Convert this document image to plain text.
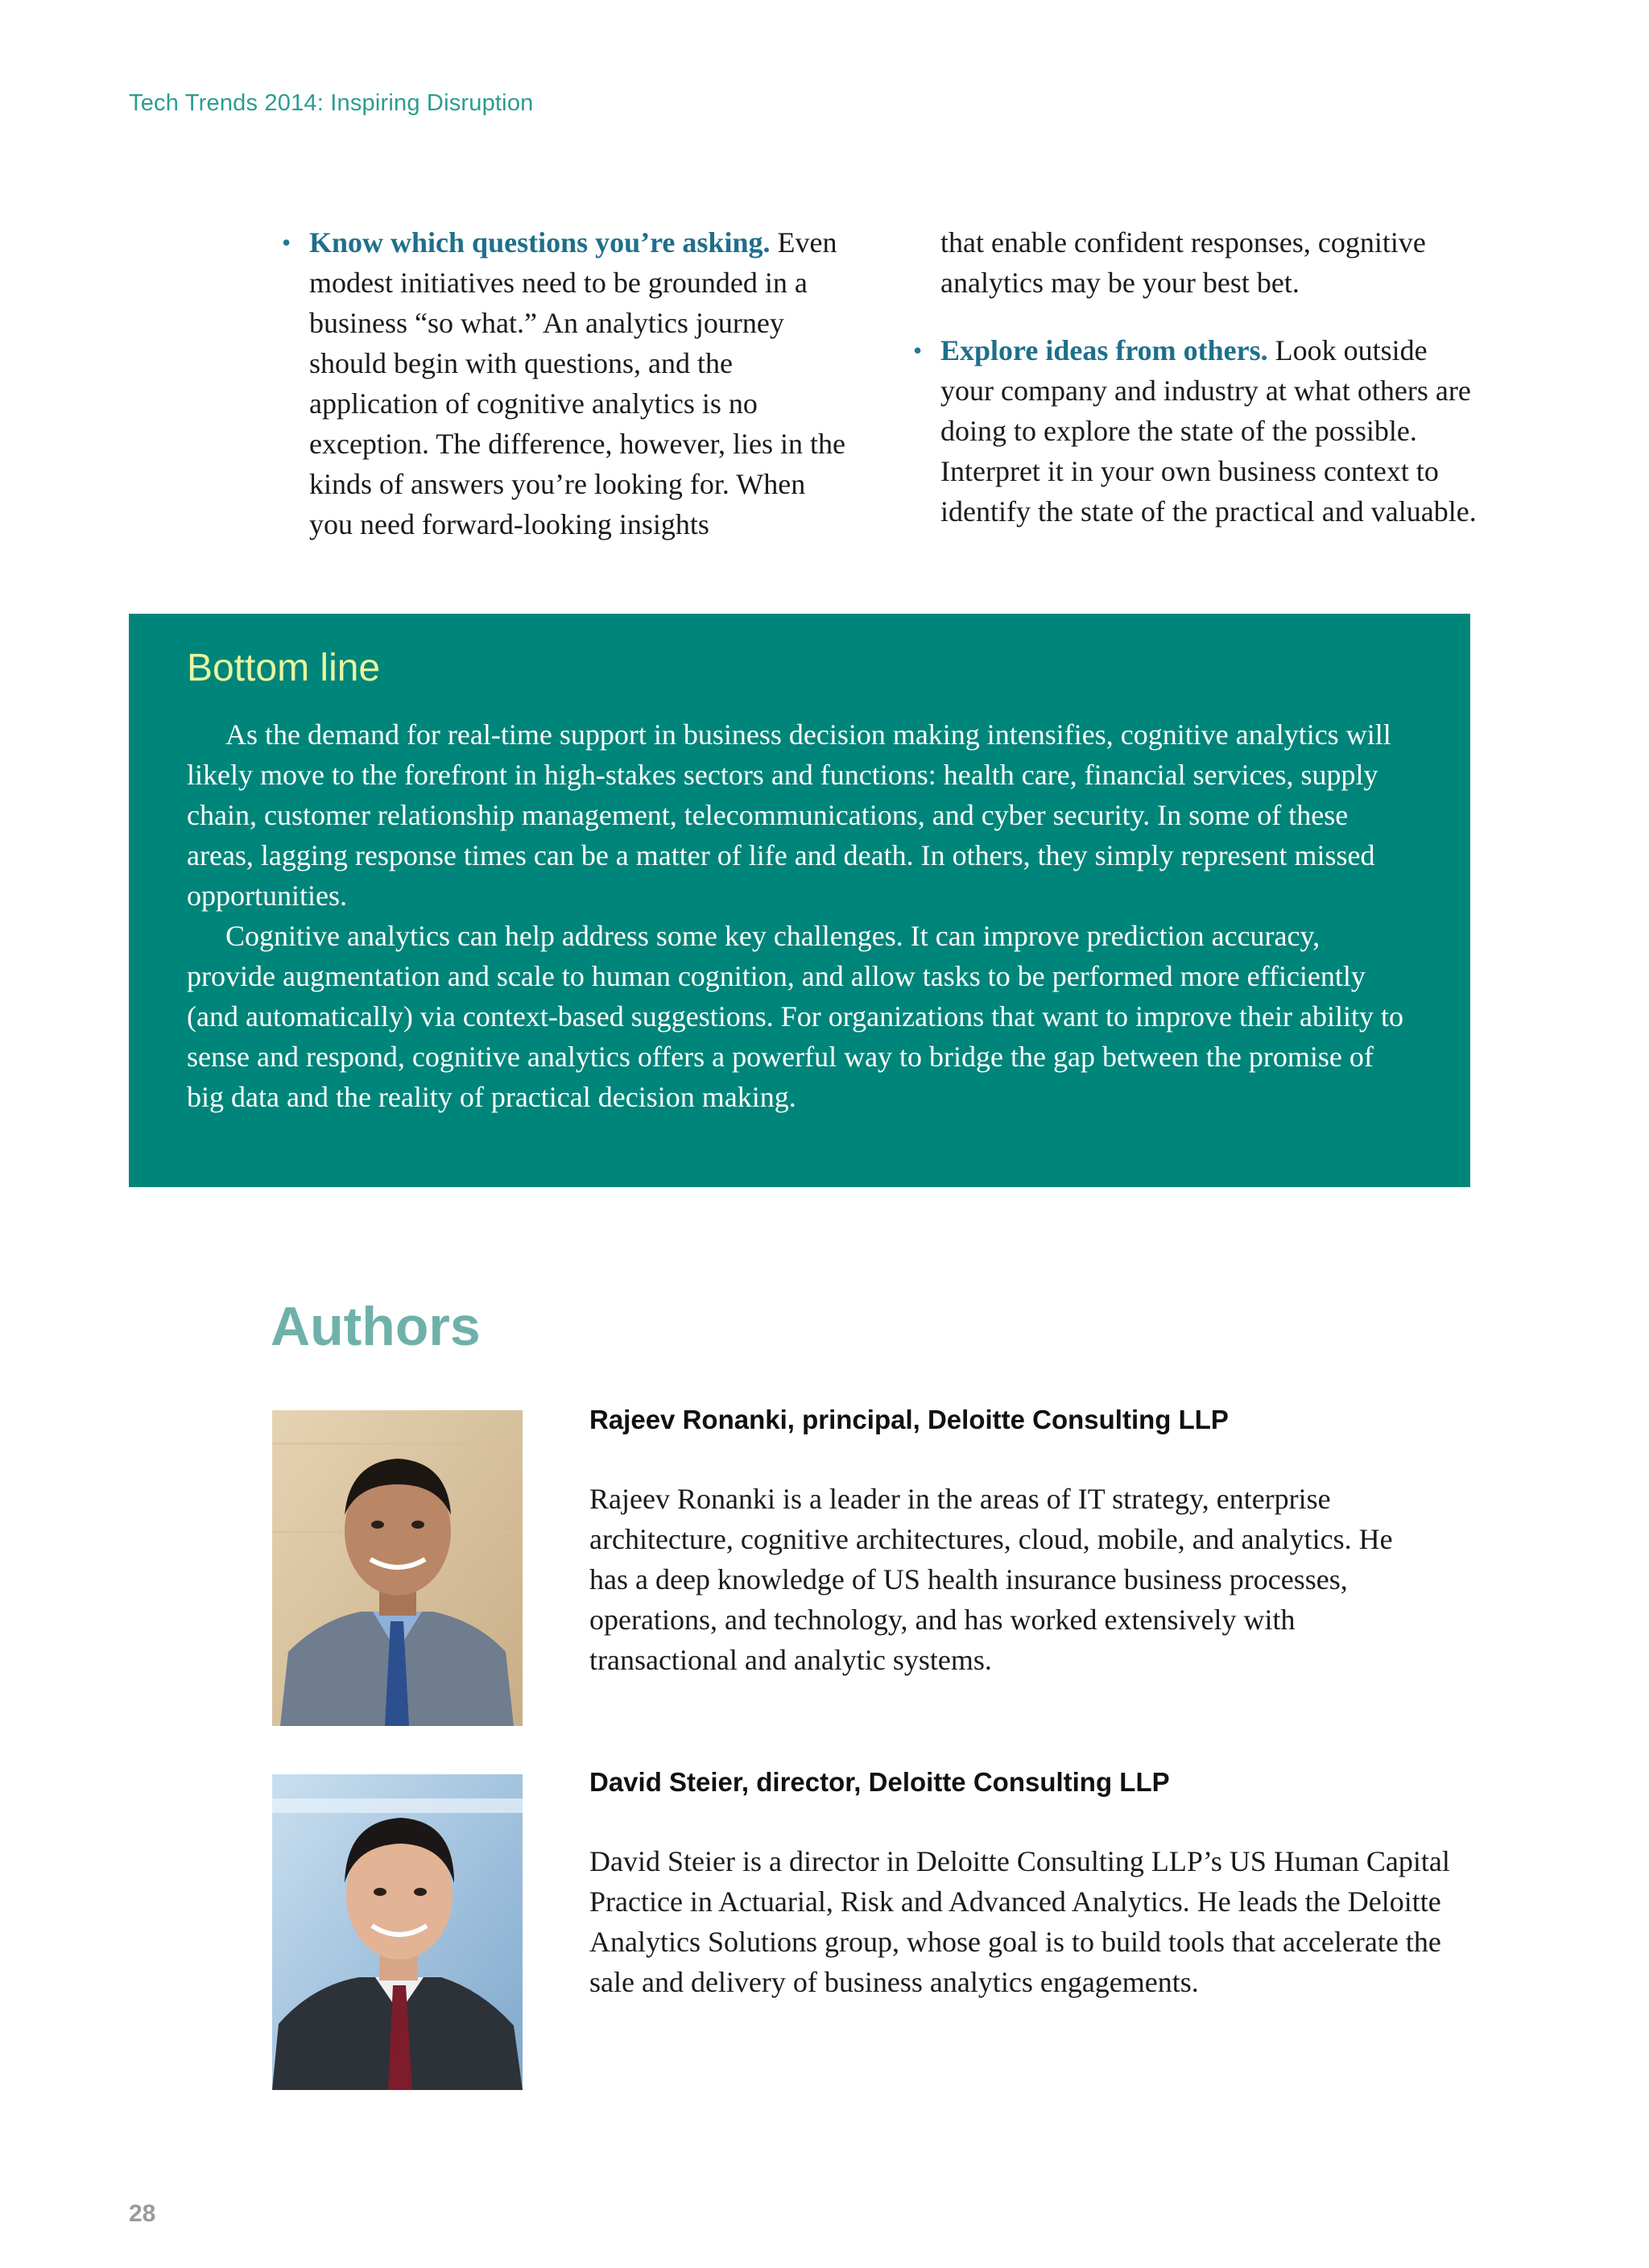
Tech Trends 2014: Inspiring Disruption
• Know which questions you’re asking. Even modest initiatives need to be grounded in a business “so what.” An analytics journey should begin with questions, and the application of cognitive analytics is no exception. The difference, however, lies in the kinds of answers you’re looking for. When you need forward-looking insights
that enable confident responses, cognitive analytics may be your best bet.
• Explore ideas from others. Look outside your company and industry at what others are doing to explore the state of the possible. Interpret it in your own business context to identify the state of the practical and valuable.
Bottom line

As the demand for real-time support in business decision making intensifies, cognitive analytics will likely move to the forefront in high-stakes sectors and functions: health care, financial services, supply chain, customer relationship management, telecommunications, and cyber security. In some of these areas, lagging response times can be a matter of life and death. In others, they simply represent missed opportunities.

Cognitive analytics can help address some key challenges. It can improve prediction accuracy, provide augmentation and scale to human cognition, and allow tasks to be performed more efficiently (and automatically) via context-based suggestions. For organizations that want to improve their ability to sense and respond, cognitive analytics offers a powerful way to bridge the gap between the promise of big data and the reality of practical decision making.

Authors
Rajeev Ronanki, principal, Deloitte Consulting LLP

Rajeev Ronanki is a leader in the areas of IT strategy, enterprise architecture, cognitive architectures, cloud, mobile, and analytics. He has a deep knowledge of US health insurance business processes, operations, and technology, and has worked extensively with transactional and analytic systems.

David Steier, director, Deloitte Consulting LLP

David Steier is a director in Deloitte Consulting LLP’s US Human Capital Practice in Actuarial, Risk and Advanced Analytics. He leads the Deloitte Analytics Solutions group, whose goal is to build tools that accelerate the sale and delivery of business analytics engagements.

28
